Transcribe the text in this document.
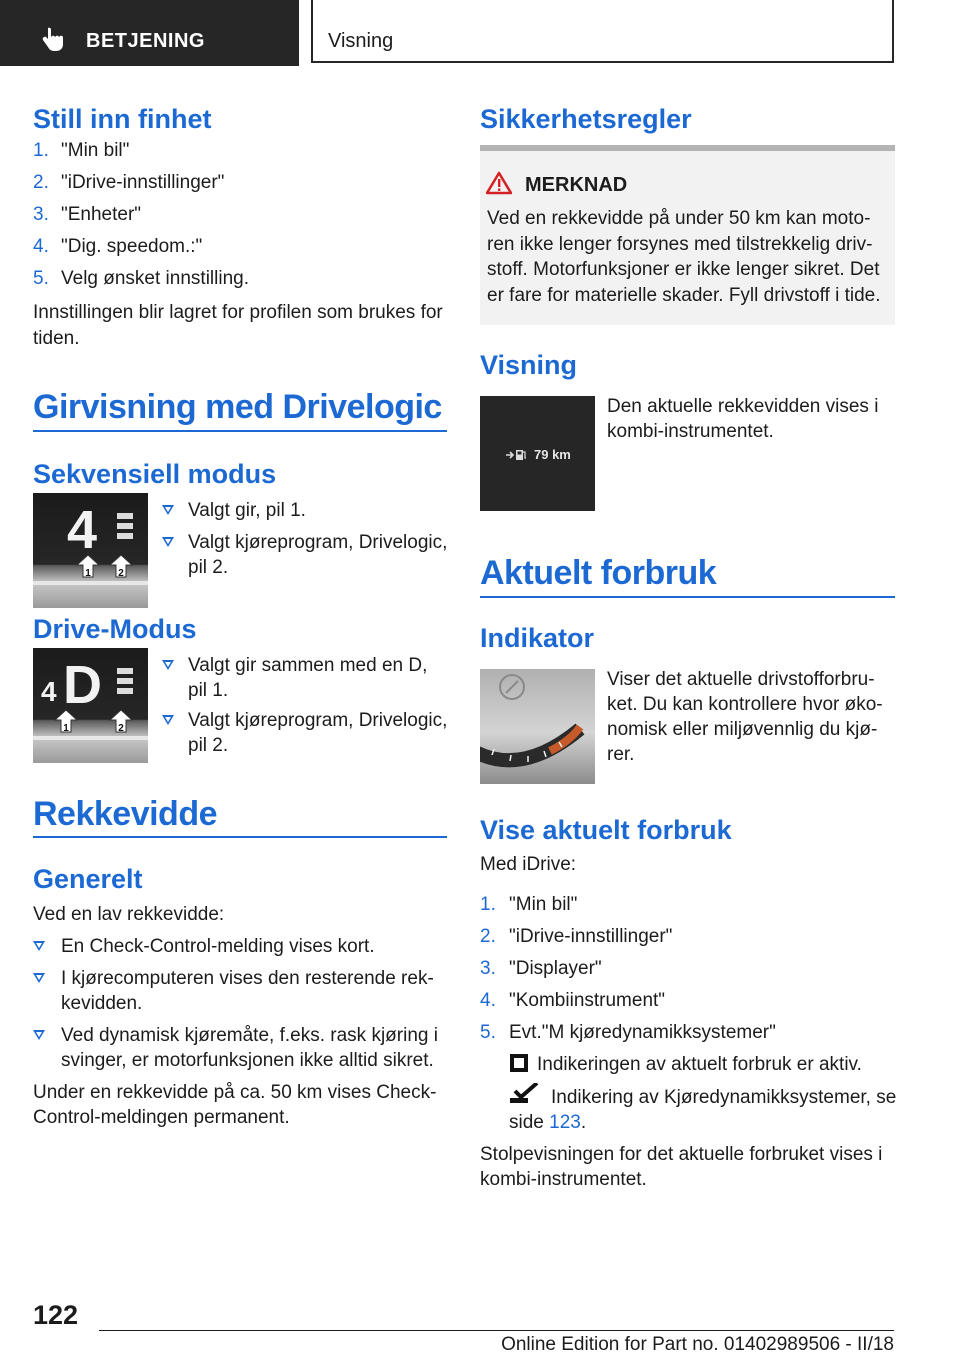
BETJENING	Visning
Still inn finhet
1. "Min bil"
2. "iDrive-innstillinger"
3. "Enheter"
4. "Dig. speedom.:"
5. Velg ønsket innstilling.
Innstillingen blir lagret for profilen som brukes for
tiden.
Girvisning med Drivelogic
Sekvensiell modus
1	2
4	Valgt gir, pil 1.
Valgt kjøreprogram, Drivelogic,
pil 2.
Drive-Modus
1	2
4 D	Valgt gir sammen med en D,
pil 1.
Valgt kjøreprogram, Drivelogic,
pil 2.
Rekkevidde
Generelt
Ved en lav rekkevidde:
En Check-Control-melding vises kort.
I kjørecomputeren vises den resterende rek-
kevidden.
Ved dynamisk kjøremåte, f.eks. rask kjøring i
svinger, er motorfunksjonen ikke alltid sikret.
Under en rekkevidde på ca. 50 km vises Check-
Control-meldingen permanent.
Sikkerhetsregler
MERKNAD
Ved en rekkevidde på under 50 km kan moto-
ren ikke lenger forsynes med tilstrekkelig driv-
stoff. Motorfunksjoner er ikke lenger sikret. Det
er fare for materielle skader. Fyll drivstoff i tide.
Visning
79 km
Den aktuelle rekkevidden vises i
kombi-instrumentet.
Aktuelt forbruk
Indikator
Viser det aktuelle drivstofforbru-
ket. Du kan kontrollere hvor øko-
nomisk eller miljøvennlig du kjø-
rer.
Vise aktuelt forbruk
Med iDrive:
1. "Min bil"
2. "iDrive-innstillinger"
3. "Displayer"
4. "Kombiinstrument"
5. Evt."M kjøredynamikksystemer"
Indikeringen av aktuelt forbruk er aktiv.
Indikering av Kjøredynamikksystemer, se
side 123.
Stolpevisningen for det aktuelle forbruket vises i
kombi-instrumentet.
122
Online Edition for Part no. 01402989506 - II/18
